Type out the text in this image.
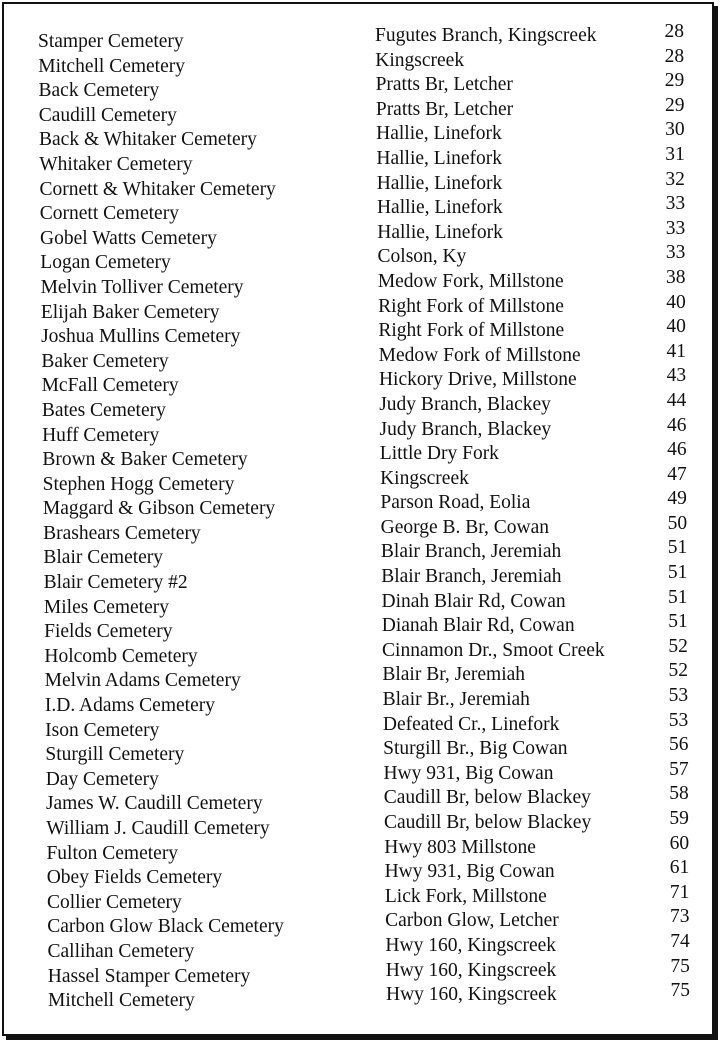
Stamper Cemetery	Fugutes Branch, Kingscreek	28
Mitchell Cemetery	Kingscreek	28
Back Cemetery	Pratts Br, Letcher	29
Caudill Cemetery	Pratts Br, Letcher	29
Back & Whitaker Cemetery	Hallie, Linefork	30
Whitaker Cemetery	Hallie, Linefork	31
Cornett & Whitaker Cemetery	Hallie, Linefork	32
Cornett Cemetery	Hallie, Linefork	33
Gobel Watts Cemetery	Hallie, Linefork	33
Logan Cemetery	Colson, Ky	33
Melvin Tolliver Cemetery	Medow Fork, Millstone	38
Elijah Baker Cemetery	Right Fork of Millstone	40
Joshua Mullins Cemetery	Right Fork of Millstone	40
Baker Cemetery	Medow Fork of Millstone	41
McFall Cemetery	Hickory Drive, Millstone	43
Bates Cemetery	Judy Branch, Blackey	44
Huff Cemetery	Judy Branch, Blackey	46
Brown & Baker Cemetery	Little Dry Fork	46
Stephen Hogg Cemetery	Kingscreek	47
Maggard & Gibson Cemetery	Parson Road, Eolia	49
Brashears Cemetery	George B. Br, Cowan	50
Blair Cemetery	Blair Branch, Jeremiah	51
Blair Cemetery #2	Blair Branch, Jeremiah	51
Miles Cemetery	Dinah Blair Rd, Cowan	51
Fields Cemetery	Dianah Blair Rd, Cowan	51
Holcomb Cemetery	Cinnamon Dr., Smoot Creek	52
Melvin Adams Cemetery	Blair Br, Jeremiah	52
I.D. Adams Cemetery	Blair Br., Jeremiah	53
Ison Cemetery	Defeated Cr., Linefork	53
Sturgill Cemetery	Sturgill Br., Big Cowan	56
Day Cemetery	Hwy 931, Big Cowan	57
James W. Caudill Cemetery	Caudill Br, below Blackey	58
William J. Caudill Cemetery	Caudill Br, below Blackey	59
Fulton Cemetery	Hwy 803 Millstone	60
Obey Fields Cemetery	Hwy 931, Big Cowan	61
Collier Cemetery	Lick Fork, Millstone	71
Carbon Glow Black Cemetery	Carbon Glow, Letcher	73
Callihan Cemetery	Hwy 160, Kingscreek	74
Hassel Stamper Cemetery	Hwy 160, Kingscreek	75
Mitchell Cemetery	Hwy 160, Kingscreek	75
